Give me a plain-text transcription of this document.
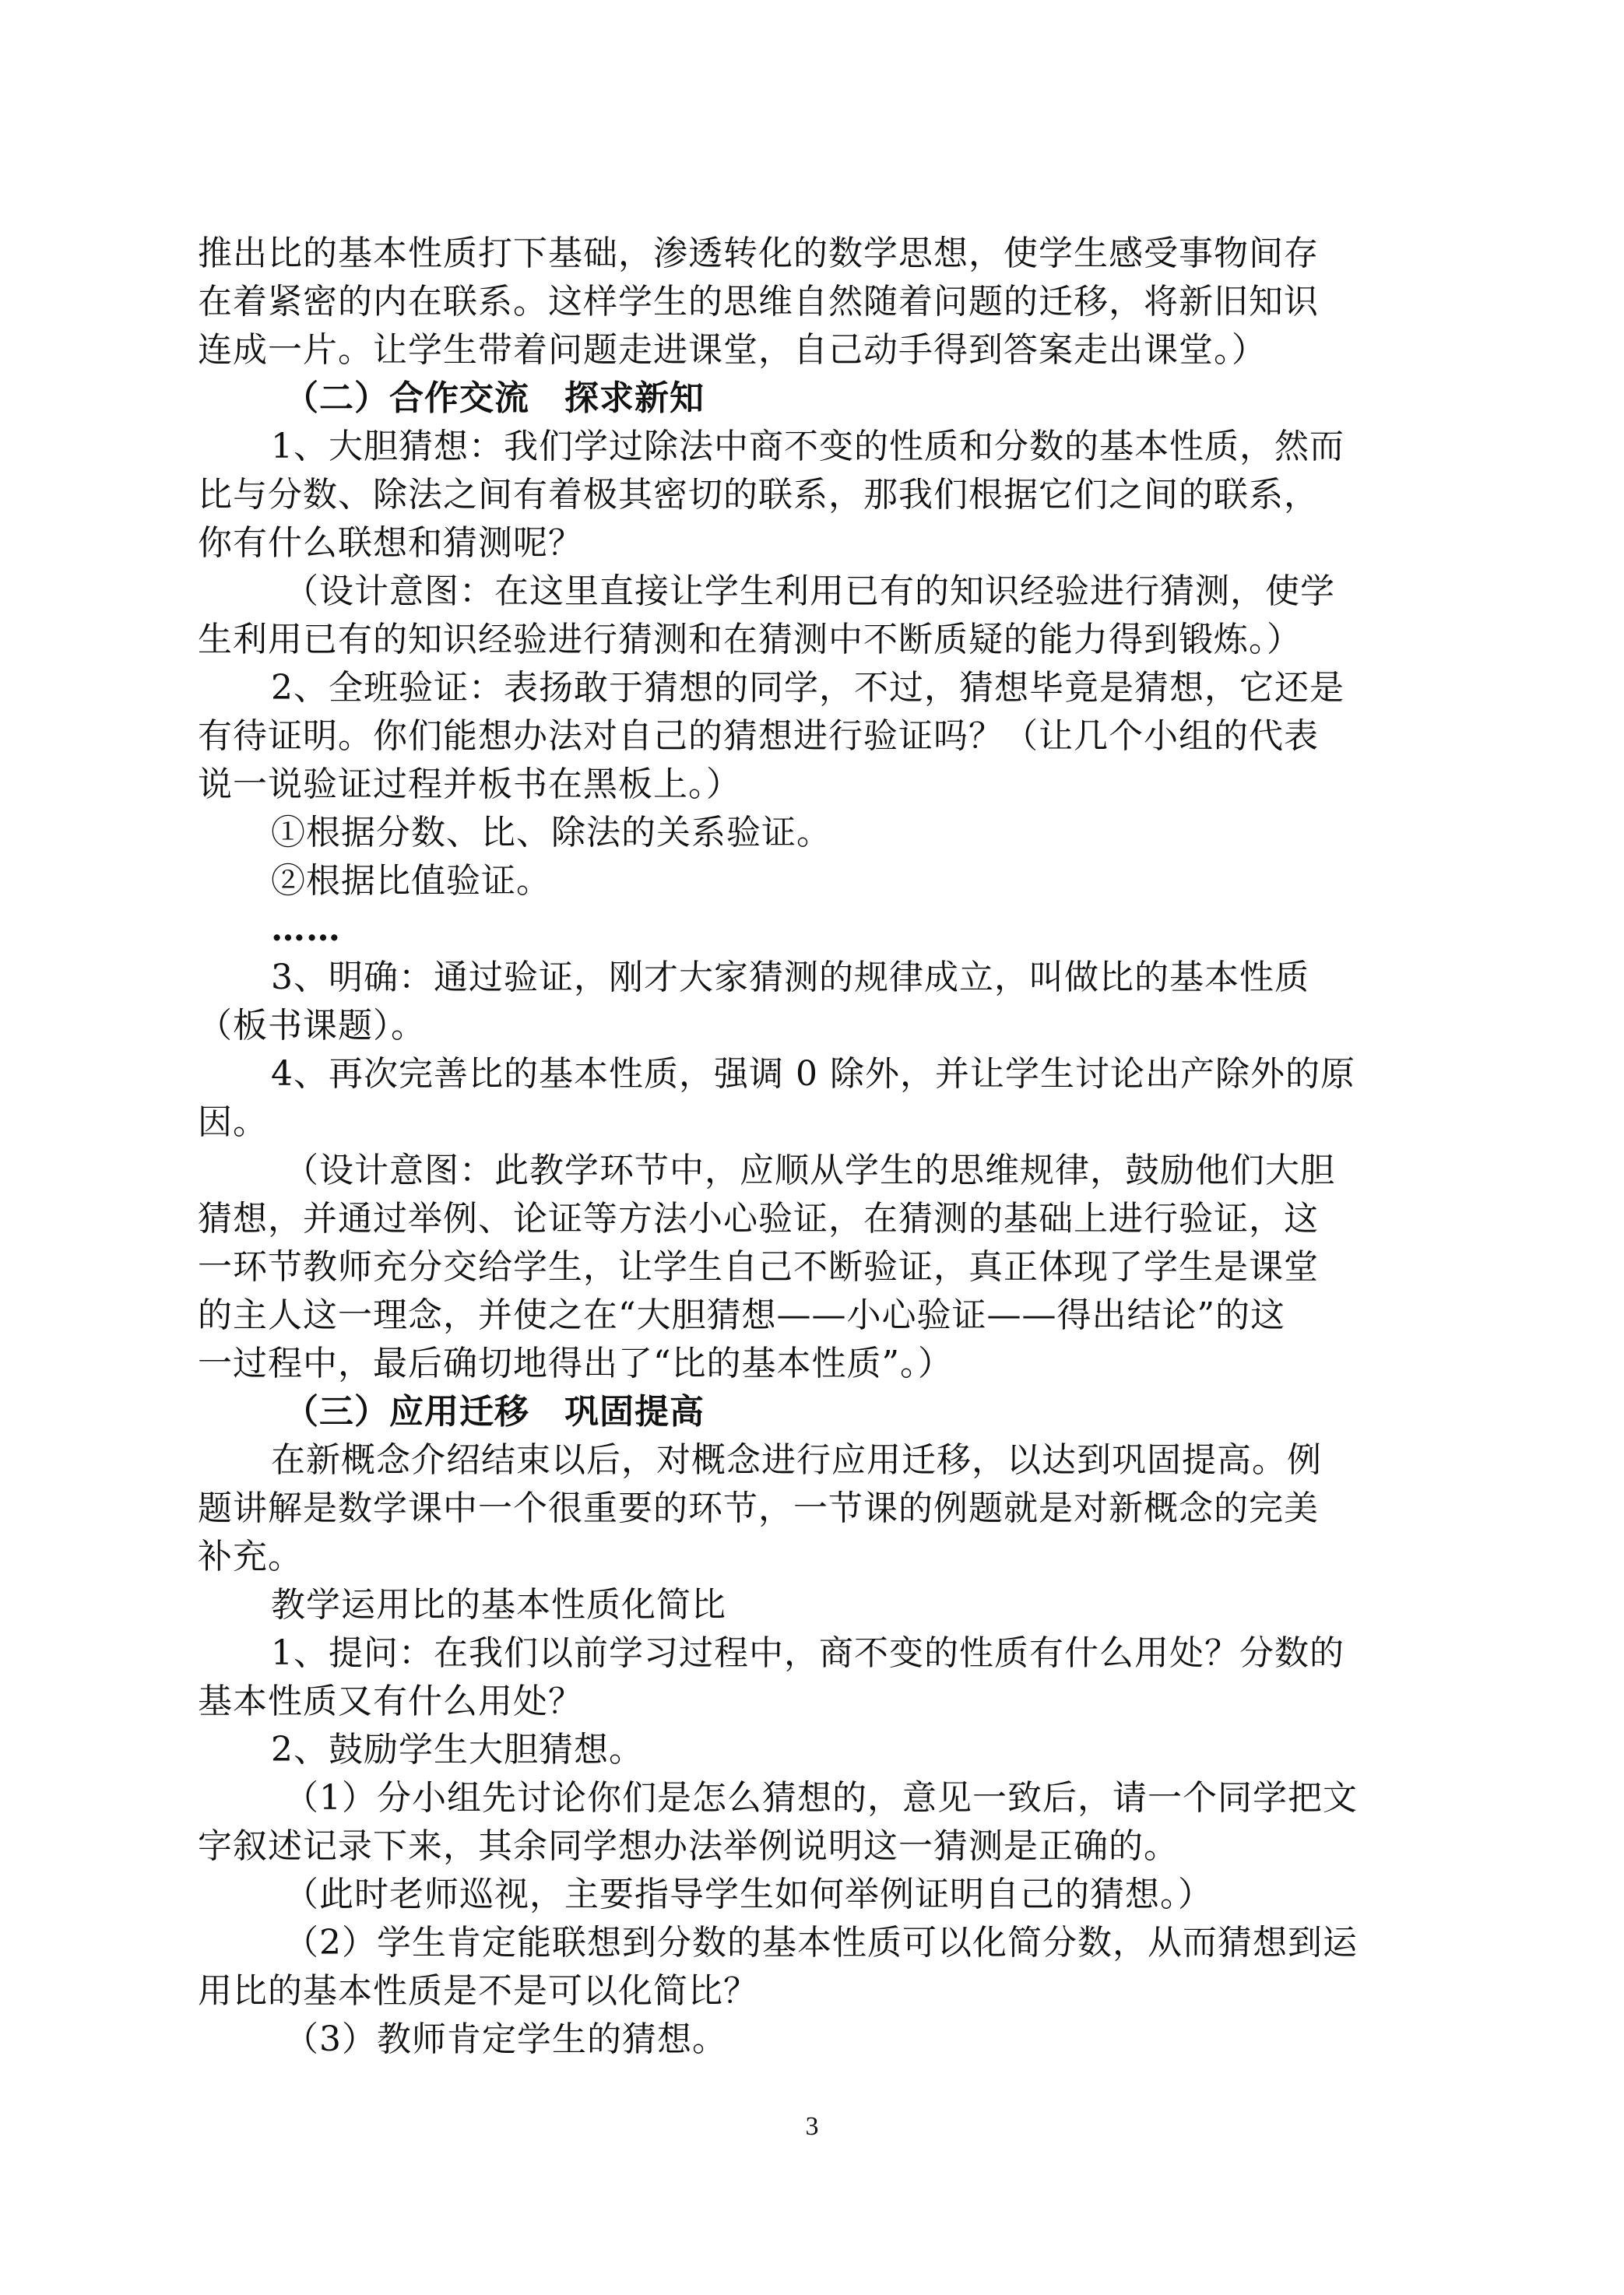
推出比的基本性质打下基础，渗透转化的数学思想，使学生感受事物间存
在着紧密的内在联系。这样学生的思维自然随着问题的迁移，将新旧知识
连成一片。让学生带着问题走进课堂，自己动手得到答案走出课堂。）
（二）合作交流　探求新知
1、大胆猜想：我们学过除法中商不变的性质和分数的基本性质，然而
比与分数、除法之间有着极其密切的联系，那我们根据它们之间的联系，
你有什么联想和猜测呢？
（设计意图：在这里直接让学生利用已有的知识经验进行猜测，使学
生利用已有的知识经验进行猜测和在猜测中不断质疑的能力得到锻炼。）
2、全班验证：表扬敢于猜想的同学，不过，猜想毕竟是猜想，它还是
有待证明。你们能想办法对自己的猜想进行验证吗？（让几个小组的代表
说一说验证过程并板书在黑板上。）
①根据分数、比、除法的关系验证。
②根据比值验证。
……
3、明确：通过验证，刚才大家猜测的规律成立，叫做比的基本性质
（板书课题）。
4、再次完善比的基本性质，强调 0 除外，并让学生讨论出产除外的原
因。
（设计意图：此教学环节中，应顺从学生的思维规律，鼓励他们大胆
猜想，并通过举例、论证等方法小心验证，在猜测的基础上进行验证，这
一环节教师充分交给学生，让学生自己不断验证，真正体现了学生是课堂
的主人这一理念，并使之在“大胆猜想——小心验证——得出结论”的这
一过程中，最后确切地得出了“比的基本性质”。）
（三）应用迁移　巩固提高
在新概念介绍结束以后，对概念进行应用迁移，以达到巩固提高。例
题讲解是数学课中一个很重要的环节，一节课的例题就是对新概念的完美
补充。
教学运用比的基本性质化简比
1、提问：在我们以前学习过程中，商不变的性质有什么用处？分数的
基本性质又有什么用处？
2、鼓励学生大胆猜想。
（1）分小组先讨论你们是怎么猜想的，意见一致后，请一个同学把文
字叙述记录下来，其余同学想办法举例说明这一猜测是正确的。
（此时老师巡视，主要指导学生如何举例证明自己的猜想。）
（2）学生肯定能联想到分数的基本性质可以化简分数，从而猜想到运
用比的基本性质是不是可以化简比？
（3）教师肯定学生的猜想。
3
